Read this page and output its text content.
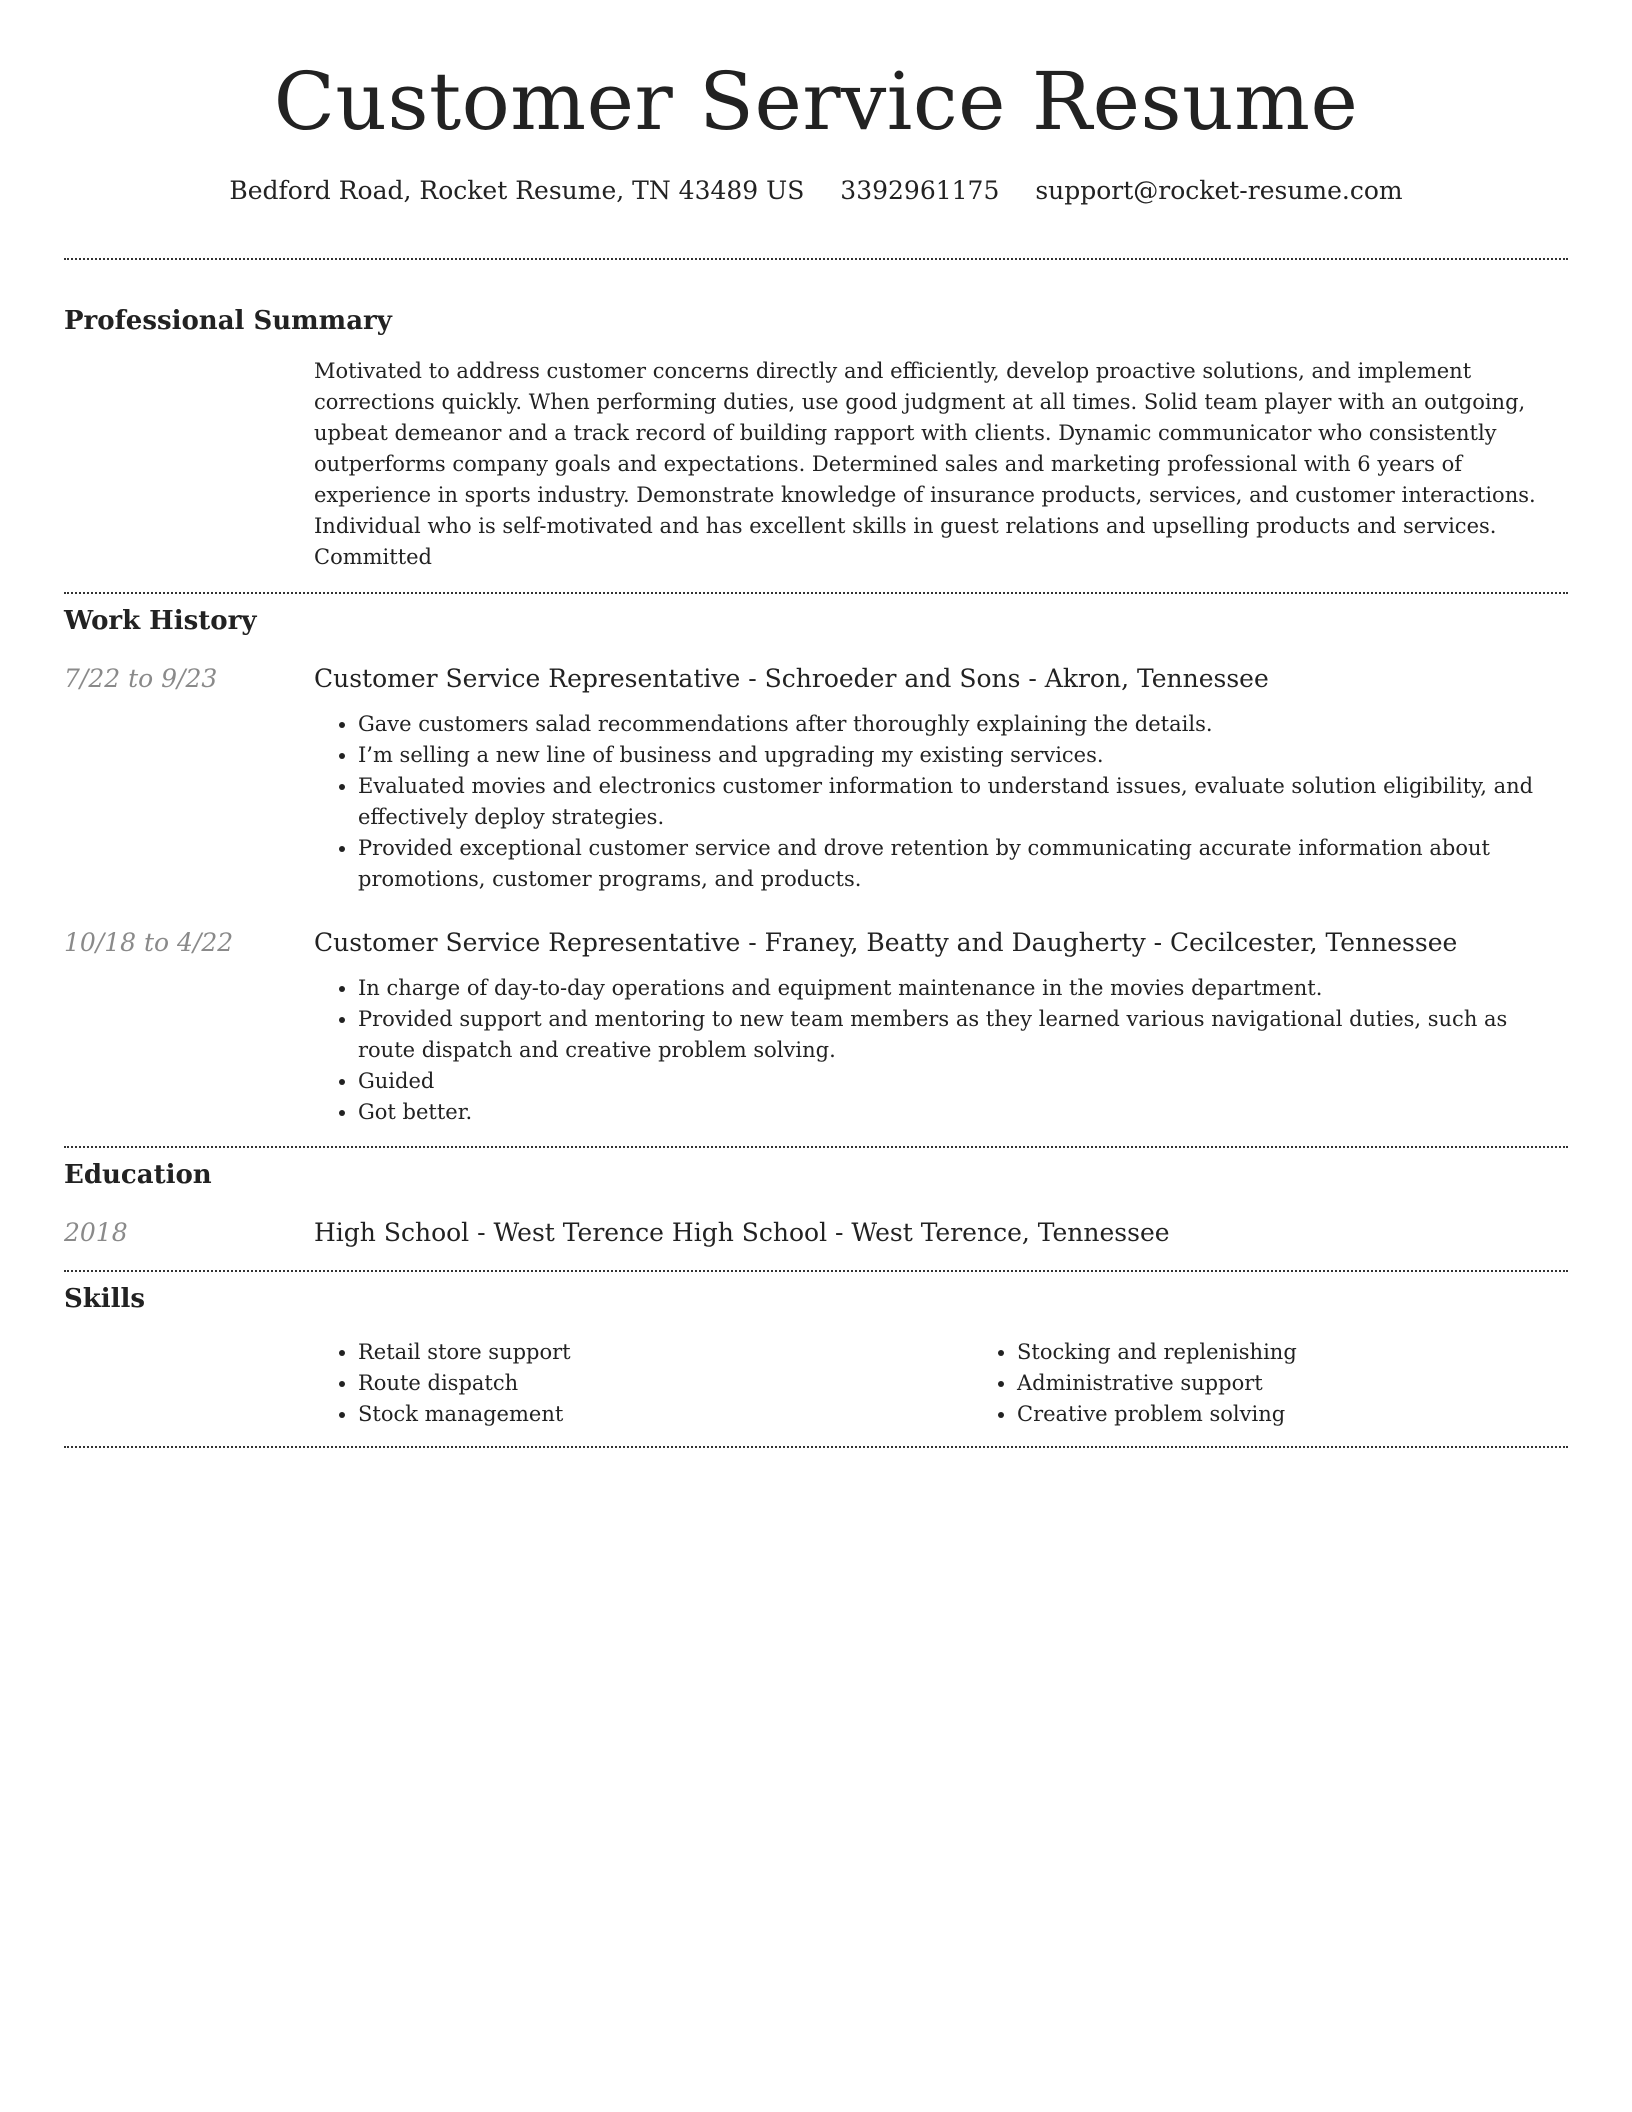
Customer Service Resume
Bedford Road, Rocket Resume, TN 43489 US 3392961175 support@rocket-resume.com
Professional Summary
Motivated to address customer concerns directly and efficiently, develop proactive solutions, and implement corrections quickly. When performing duties, use good judgment at all times. Solid team player with an outgoing, upbeat demeanor and a track record of building rapport with clients. Dynamic communicator who consistently outperforms company goals and expectations. Determined sales and marketing professional with 6 years of experience in sports industry. Demonstrate knowledge of insurance products, services, and customer interactions. Individual who is self-motivated and has excellent skills in guest relations and upselling products and services. Committed
Work History
7/22 to 9/23	Customer Service Representative - Schroeder and Sons - Akron, Tennessee
• Gave customers salad recommendations after thoroughly explaining the details.
• I’m selling a new line of business and upgrading my existing services.
• Evaluated movies and electronics customer information to understand issues, evaluate solution eligibility, and effectively deploy strategies.
• Provided exceptional customer service and drove retention by communicating accurate information about promotions, customer programs, and products.
10/18 to 4/22	Customer Service Representative - Franey, Beatty and Daugherty - Cecilcester, Tennessee
• In charge of day-to-day operations and equipment maintenance in the movies department.
• Provided support and mentoring to new team members as they learned various navigational duties, such as route dispatch and creative problem solving.
• Guided
• Got better.
Education
2018	High School - West Terence High School - West Terence, Tennessee
Skills
• Retail store support
• Route dispatch
• Stock management
• Stocking and replenishing
• Administrative support
• Creative problem solving
